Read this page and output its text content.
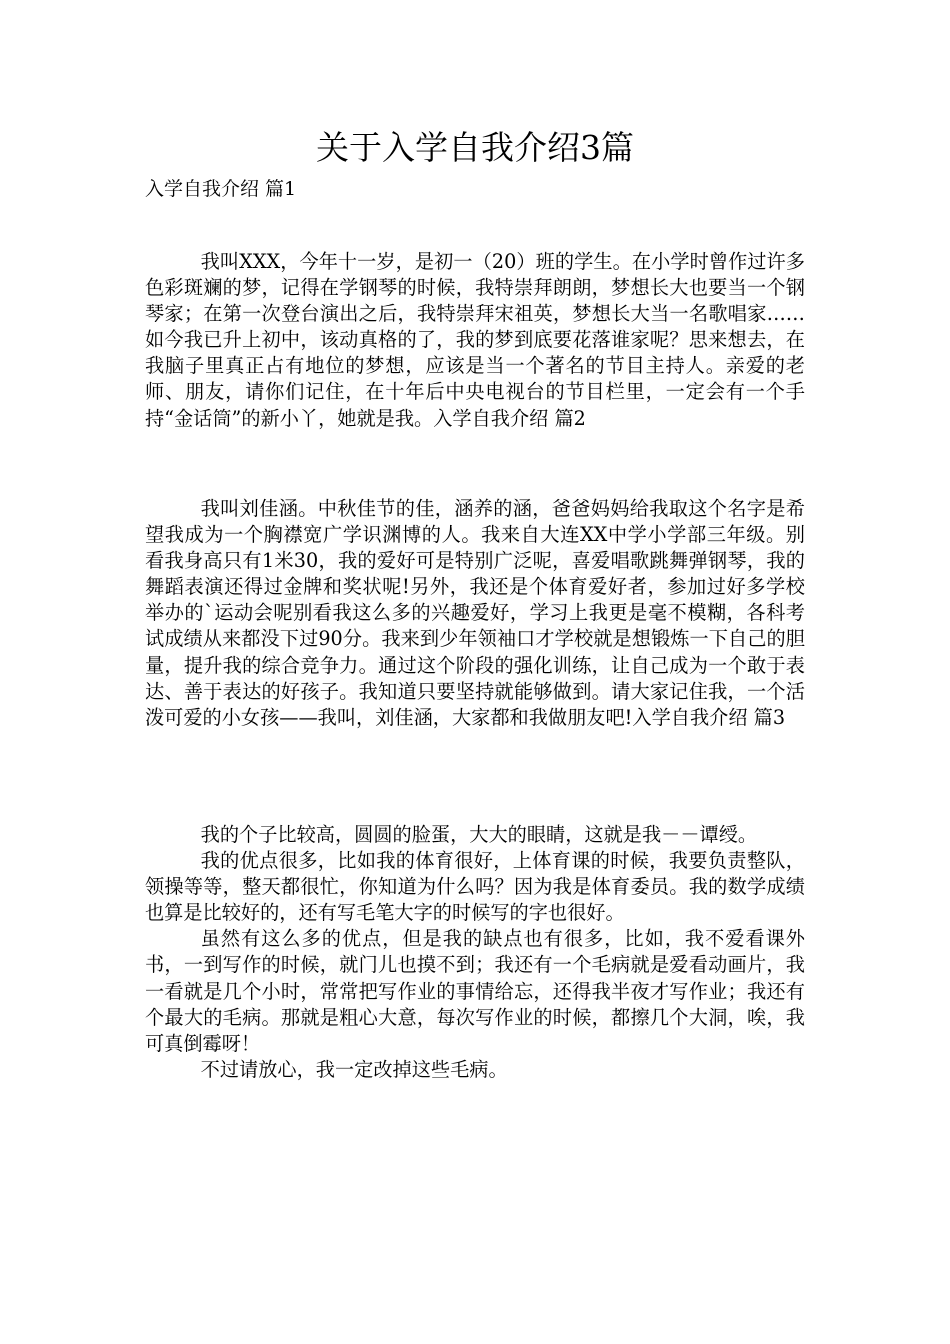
关于入学自我介绍3篇

入学自我介绍 篇1

我叫XXX，今年十一岁，是初一（20）班的学生。在小学时曾作过许多色彩斑斓的梦，记得在学钢琴的时候，我特崇拜朗朗，梦想长大也要当一个钢琴家；在第一次登台演出之后，我特崇拜宋祖英，梦想长大当一名歌唱家……如今我已升上初中，该动真格的了，我的梦到底要花落谁家呢？思来想去，在我脑子里真正占有地位的梦想，应该是当一个著名的节目主持人。亲爱的老师、朋友，请你们记住，在十年后中央电视台的节目栏里，一定会有一个手持“金话筒”的新小丫，她就是我。入学自我介绍 篇2

我叫刘佳涵。中秋佳节的佳，涵养的涵，爸爸妈妈给我取这个名字是希望我成为一个胸襟宽广学识渊博的人。我来自大连XX中学小学部三年级。别看我身高只有1米30，我的爱好可是特别广泛呢，喜爱唱歌跳舞弹钢琴，我的舞蹈表演还得过金牌和奖状呢!另外，我还是个体育爱好者，参加过好多学校举办的`运动会呢别看我这么多的兴趣爱好，学习上我更是毫不模糊，各科考试成绩从来都没下过90分。我来到少年领袖口才学校就是想锻炼一下自己的胆量，提升我的综合竞争力。通过这个阶段的强化训练，让自己成为一个敢于表达、善于表达的好孩子。我知道只要坚持就能够做到。请大家记住我，一个活泼可爱的小女孩——我叫，刘佳涵，大家都和我做朋友吧!入学自我介绍 篇3

我的个子比较高，圆圆的脸蛋，大大的眼睛，这就是我－－谭绶。

我的优点很多，比如我的体育很好，上体育课的时候，我要负责整队，领操等等，整天都很忙，你知道为什么吗？因为我是体育委员。我的数学成绩也算是比较好的，还有写毛笔大字的时候写的字也很好。

虽然有这么多的优点，但是我的缺点也有很多，比如，我不爱看课外书，一到写作的时候，就门儿也摸不到；我还有一个毛病就是爱看动画片，我一看就是几个小时，常常把写作业的事情给忘，还得我半夜才写作业；我还有个最大的毛病。那就是粗心大意，每次写作业的时候，都擦几个大洞，唉，我可真倒霉呀！

不过请放心，我一定改掉这些毛病。
